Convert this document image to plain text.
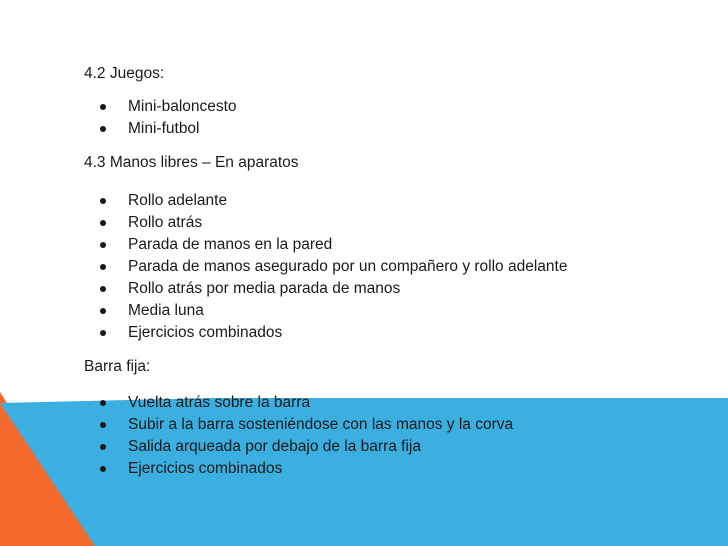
4.2 Juegos:
Mini-baloncesto
Mini-futbol
4.3 Manos libres – En aparatos
Rollo adelante
Rollo atrás
Parada de manos en la pared
Parada de manos asegurado por un compañero y rollo adelante
Rollo atrás por media parada de manos
Media luna
Ejercicios combinados
Barra fija:
Vuelta atrás sobre la barra
Subir a la barra sosteniéndose con las manos y la corva
Salida arqueada por debajo de la barra fija
Ejercicios combinados
